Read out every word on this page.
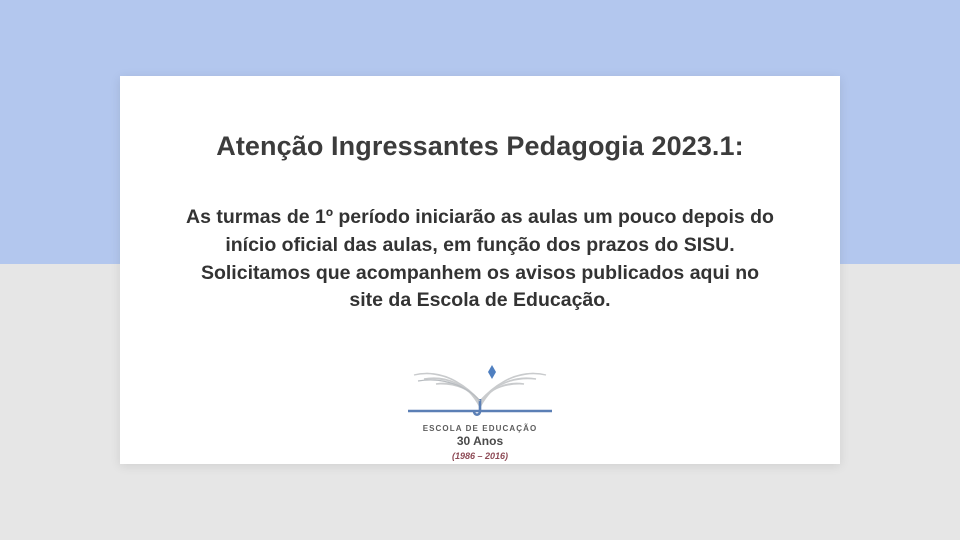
Atenção Ingressantes Pedagogia 2023.1:
As turmas de 1º período iniciarão as aulas um pouco depois do início oficial das aulas, em função dos prazos do SISU. Solicitamos que acompanhem os avisos publicados aqui no site da Escola de Educação.
ESCOLA DE EDUCAÇÃO
30 Anos
(1986 – 2016)
